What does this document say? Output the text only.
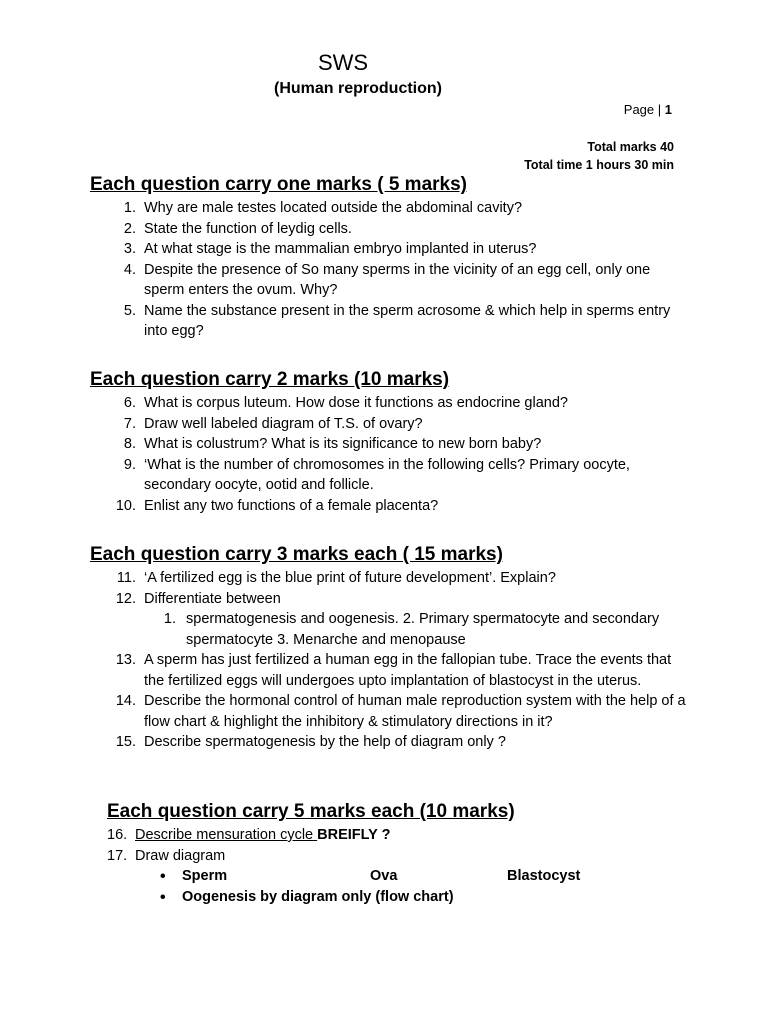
SWS
(Human reproduction)
Page | 1
Total marks 40
Total time 1 hours 30 min
Each question carry one marks ( 5 marks)
1. Why are male testes located outside the abdominal cavity?
2. State the function of leydig cells.
3. At what stage is the mammalian embryo implanted in uterus?
4. Despite the presence of So many sperms in the vicinity of an egg cell, only one sperm enters the ovum. Why?
5. Name the substance present in the sperm acrosome & which help in sperms entry into egg?
Each question carry 2 marks (10 marks)
6. What is corpus luteum. How dose it functions as endocrine gland?
7. Draw well labeled diagram of T.S. of ovary?
8. What is colustrum? What is its significance to new born baby?
9. ‘What is the number of chromosomes in the following cells? Primary oocyte, secondary oocyte, ootid and follicle.
10. Enlist any two functions of a female placenta?
Each question carry 3 marks each ( 15 marks)
11. ‘A fertilized egg is the blue print of future development’. Explain?
12. Differentiate between
1. spermatogenesis and oogenesis. 2. Primary spermatocyte and secondary spermatocyte 3. Menarche and menopause
13. A sperm has just fertilized a human egg in the fallopian tube. Trace the events that the fertilized eggs will undergoes upto implantation of blastocyst in the uterus.
14. Describe the hormonal control of human male reproduction system with the help of a flow chart & highlight the inhibitory & stimulatory directions in it?
15. Describe spermatogenesis by the help of diagram only ?
Each question carry 5 marks each (10 marks)
16. Describe mensuration cycle BREIFLY ?
17. Draw diagram
•	Sperm	Ova	Blastocyst
•	Oogenesis by diagram only (flow chart)
